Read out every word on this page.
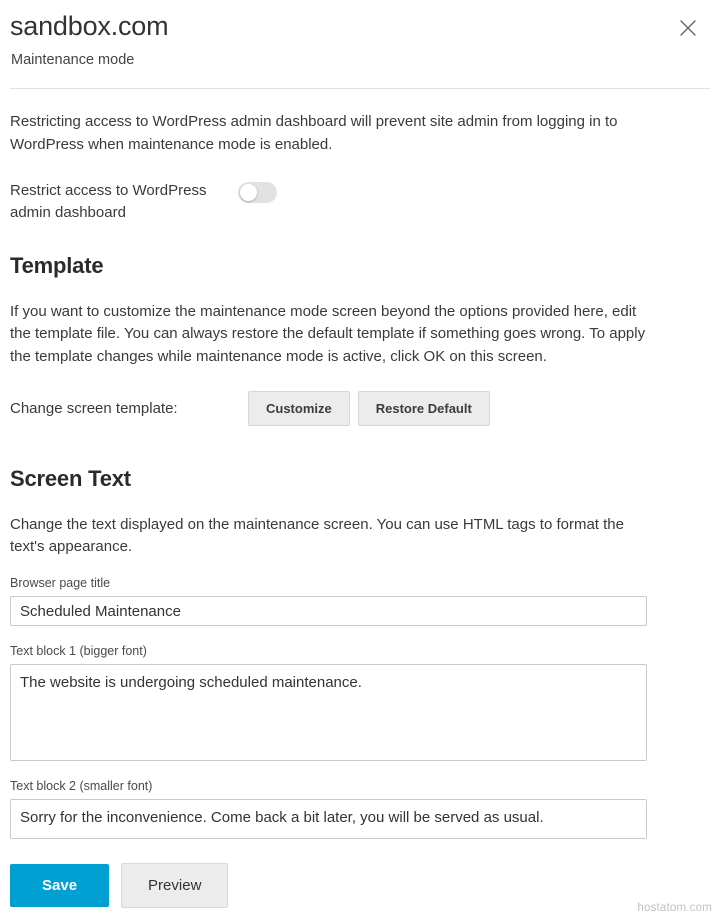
sandbox.com
Maintenance mode

Restricting access to WordPress admin dashboard will prevent site admin from logging in to WordPress when maintenance mode is enabled.

Restrict access to WordPress admin dashboard
Template

If you want to customize the maintenance mode screen beyond the options provided here, edit the template file. You can always restore the default template if something goes wrong. To apply the template changes while maintenance mode is active, click OK on this screen.

Change screen template:	Customize	Restore Default
Screen Text

Change the text displayed on the maintenance screen. You can use HTML tags to format the text's appearance.

Browser page title
Scheduled Maintenance
Text block 1 (bigger font)
The website is undergoing scheduled maintenance.
Text block 2 (smaller font)
Sorry for the inconvenience. Come back a bit later, you will be served as usual.
Save	Preview
hostatom.com
